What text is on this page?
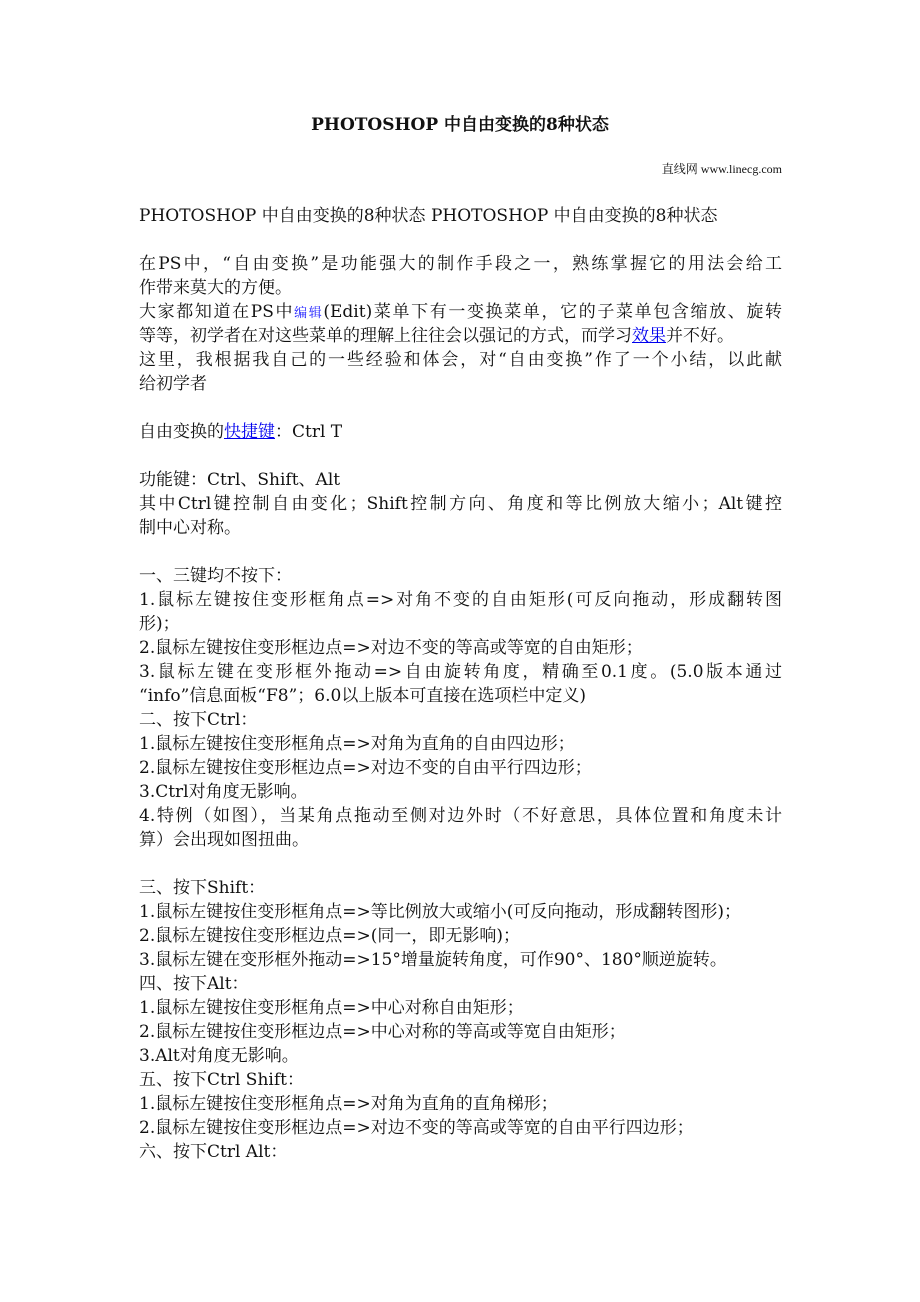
PHOTOSHOP 中自由变换的8种状态
直线网 www.linecg.com
PHOTOSHOP 中自由变换的8种状态 PHOTOSHOP 中自由变换的8种状态
在PS中，“自由变换”是功能强大的制作手段之一，熟练掌握它的用法会给工
作带来莫大的方便。
大家都知道在PS中编辑(Edit)菜单下有一变换菜单，它的子菜单包含缩放、旋转
等等，初学者在对这些菜单的理解上往往会以强记的方式，而学习效果并不好。
这里，我根据我自己的一些经验和体会，对“自由变换”作了一个小结，以此献
给初学者
自由变换的快捷键：Ctrl T
功能键：Ctrl、Shift、Alt
其中Ctrl键控制自由变化；Shift控制方向、角度和等比例放大缩小；Alt键控
制中心对称。
一、三键均不按下：
1.鼠标左键按住变形框角点=>对角不变的自由矩形(可反向拖动，形成翻转图
形)；
2.鼠标左键按住变形框边点=>对边不变的等高或等宽的自由矩形；
3.鼠标左键在变形框外拖动=>自由旋转角度，精确至0.1度。(5.0版本通过
“info”信息面板“F8”；6.0以上版本可直接在选项栏中定义)
二、按下Ctrl：
1.鼠标左键按住变形框角点=>对角为直角的自由四边形；
2.鼠标左键按住变形框边点=>对边不变的自由平行四边形；
3.Ctrl对角度无影响。
4.特例（如图），当某角点拖动至侧对边外时（不好意思，具体位置和角度未计
算）会出现如图扭曲。
三、按下Shift：
1.鼠标左键按住变形框角点=>等比例放大或缩小(可反向拖动，形成翻转图形)；
2.鼠标左键按住变形框边点=>(同一，即无影响)；
3.鼠标左键在变形框外拖动=>15°增量旋转角度，可作90°、180°顺逆旋转。
四、按下Alt：
1.鼠标左键按住变形框角点=>中心对称自由矩形；
2.鼠标左键按住变形框边点=>中心对称的等高或等宽自由矩形；
3.Alt对角度无影响。
五、按下Ctrl Shift：
1.鼠标左键按住变形框角点=>对角为直角的直角梯形；
2.鼠标左键按住变形框边点=>对边不变的等高或等宽的自由平行四边形；
六、按下Ctrl Alt：
